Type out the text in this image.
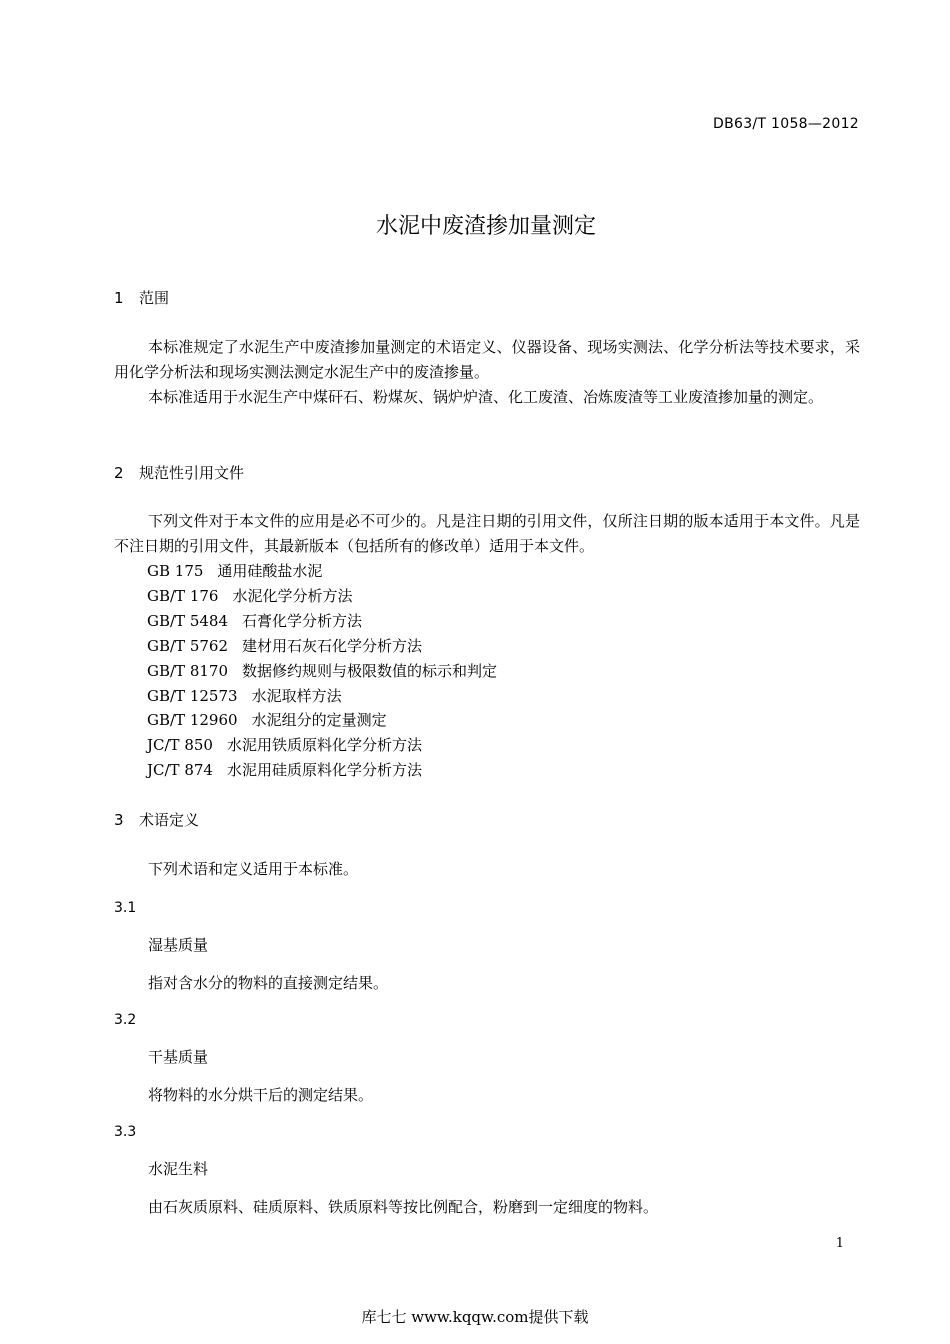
DB63/T 1058—2012
水泥中废渣掺加量测定
1 范围
本标准规定了水泥生产中废渣掺加量测定的术语定义、仪器设备、现场实测法、化学分析法等技术要求，采用化学分析法和现场实测法测定水泥生产中的废渣掺量。
本标准适用于水泥生产中煤矸石、粉煤灰、锅炉炉渣、化工废渣、冶炼废渣等工业废渣掺加量的测定。
2 规范性引用文件
下列文件对于本文件的应用是必不可少的。凡是注日期的引用文件，仅所注日期的版本适用于本文件。凡是不注日期的引用文件，其最新版本（包括所有的修改单）适用于本文件。
GB 175 通用硅酸盐水泥
GB/T 176 水泥化学分析方法
GB/T 5484 石膏化学分析方法
GB/T 5762 建材用石灰石化学分析方法
GB/T 8170 数据修约规则与极限数值的标示和判定
GB/T 12573 水泥取样方法
GB/T 12960 水泥组分的定量测定
JC/T 850 水泥用铁质原料化学分析方法
JC/T 874 水泥用硅质原料化学分析方法
3 术语定义
下列术语和定义适用于本标准。
3.1
湿基质量
指对含水分的物料的直接测定结果。
3.2
干基质量
将物料的水分烘干后的测定结果。
3.3
水泥生料
由石灰质原料、硅质原料、铁质原料等按比例配合，粉磨到一定细度的物料。
1
库七七 www.kqqw.com提供下载
